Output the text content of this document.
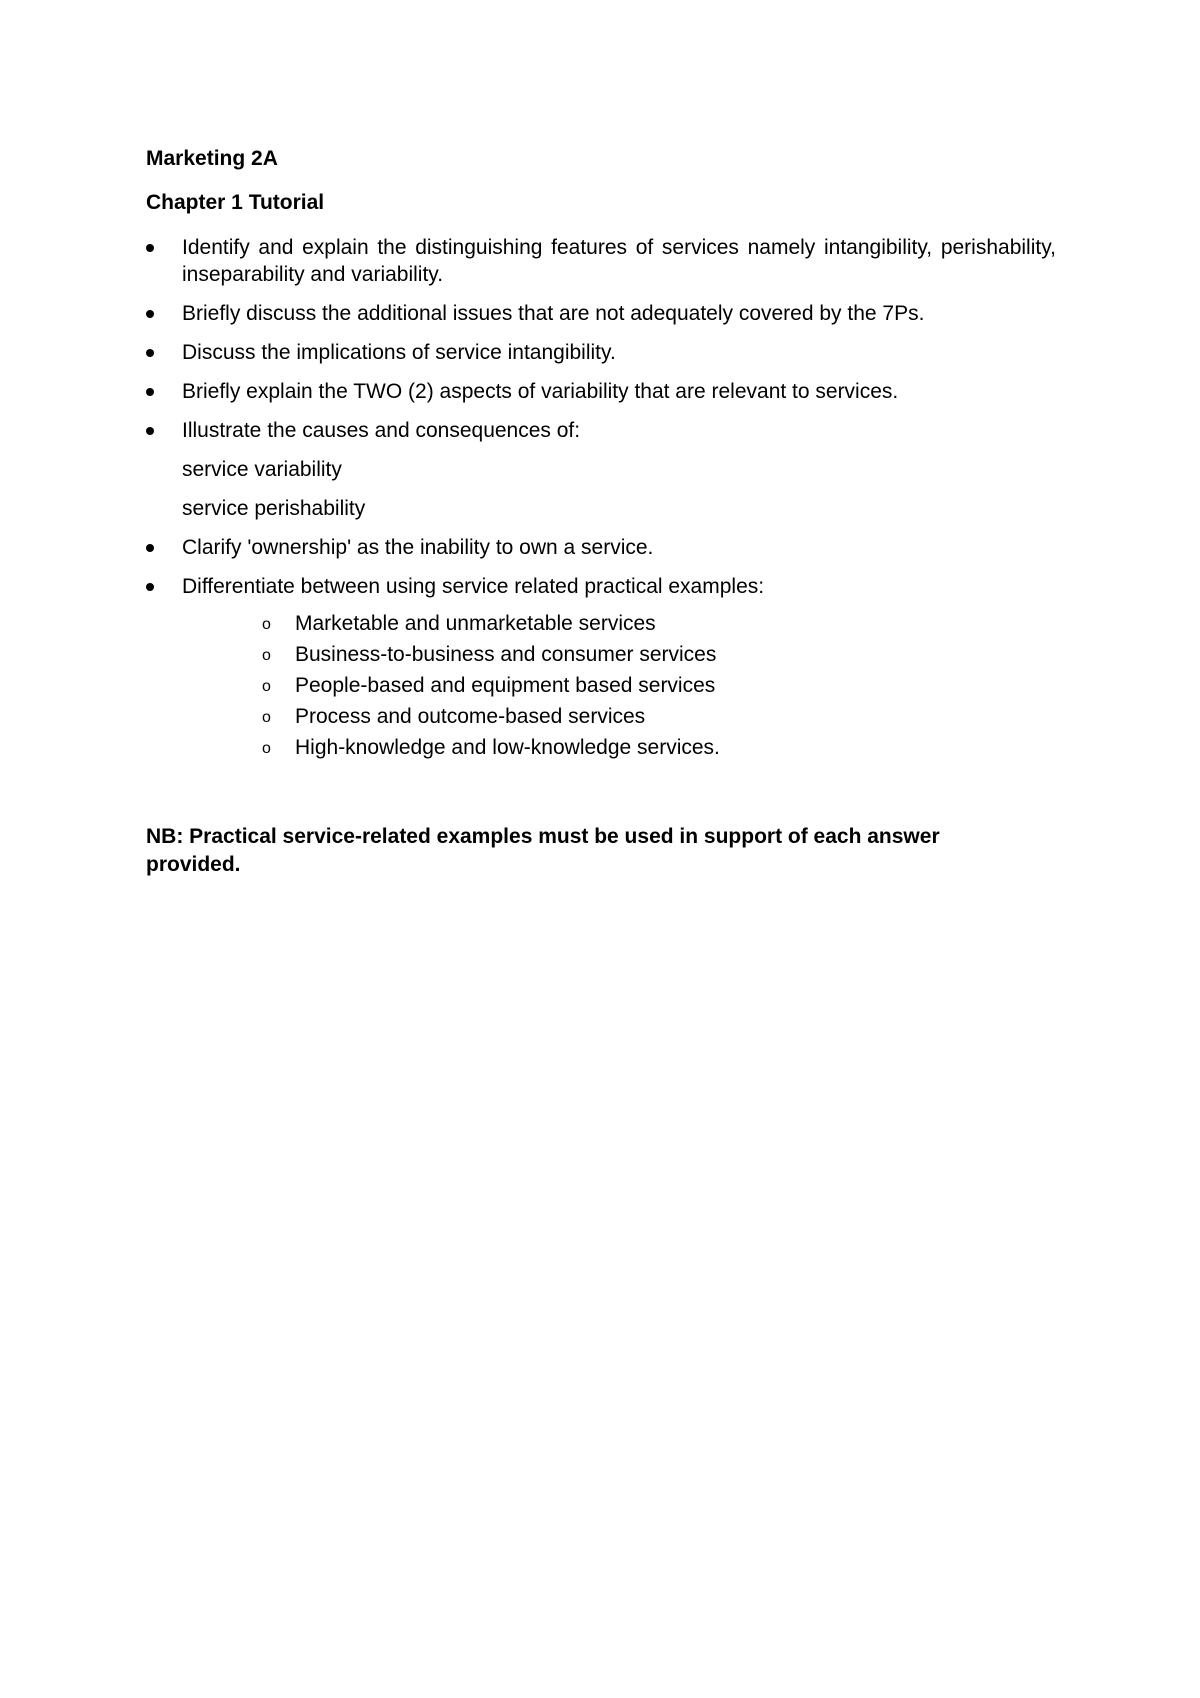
Marketing 2A
Chapter 1 Tutorial
Identify and explain the distinguishing features of services namely intangibility, perishability, inseparability and variability.
Briefly discuss the additional issues that are not adequately covered by the 7Ps.
Discuss the implications of service intangibility.
Briefly explain the TWO (2) aspects of variability that are relevant to services.
Illustrate the causes and consequences of:
service variability
service perishability
Clarify 'ownership' as the inability to own a service.
Differentiate between using service related practical examples:
o Marketable and unmarketable services
o Business-to-business and consumer services
o People-based and equipment based services
o Process and outcome-based services
o High-knowledge and low-knowledge services.
NB: Practical service-related examples must be used in support of each answer provided.
